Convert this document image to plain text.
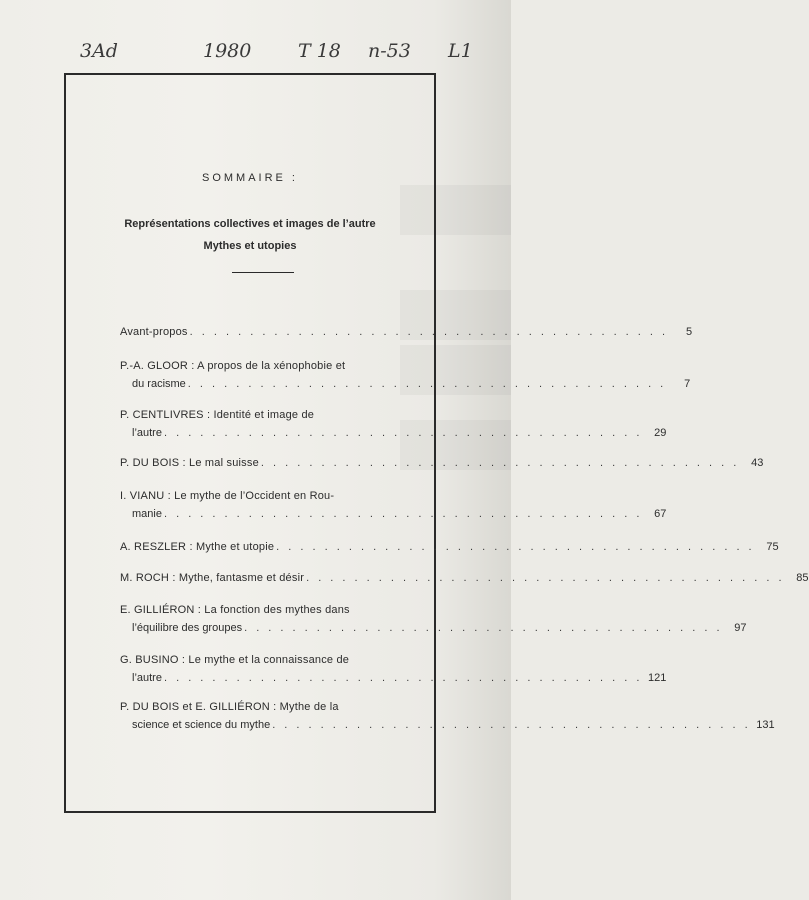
3Ad	1980 T 18 n-53 L1
SOMMAIRE :
Représentations collectives et images de l’autre
Mythes et utopies
Avant-propos . . . . . . . . . . . . . . . . . . . . . . . . . . . . . . . . . . . . . . . .	5
P.-A. GLOOR : A propos de la xénophobie et
du racisme . . . . . . . . . . . . . . . . . . . . . . . . . . . . . . . . . . . . . . . .	7
P. CENTLIVRES : Identité et image de
l’autre . . . . . . . . . . . . . . . . . . . . . . . . . . . . . . . . . . . . . . . .	29
P. DU BOIS : Le mal suisse . . . . . . . . . . . . . . . . . . . . . . . . . . . . . . . . . . . . . . . .	43
I. VIANU : Le mythe de l’Occident en Rou-
manie . . . . . . . . . . . . . . . . . . . . . . . . . . . . . . . . . . . . . . . .	67
A. RESZLER : Mythe et utopie . . . . . . . . . . . . . . . . . . . . . . . . . . . . . . . . . . . . . . . .	75
M. ROCH : Mythe, fantasme et désir . . . . . . . . . . . . . . . . . . . . . . . . . . . . . . . . . . . . . . . .	85
E. GILLIÉRON : La fonction des mythes dans
l’équilibre des groupes . . . . . . . . . . . . . . . . . . . . . . . . . . . . . . . . . . . . . . . .	97
G. BUSINO : Le mythe et la connaissance de
l’autre . . . . . . . . . . . . . . . . . . . . . . . . . . . . . . . . . . . . . . . . 121
P. DU BOIS et E. GILLIÉRON : Mythe de la
science et science du mythe . . . . . . . . . . . . . . . . . . . . . . . . . . . . . . . . . . . . . . . . 131
